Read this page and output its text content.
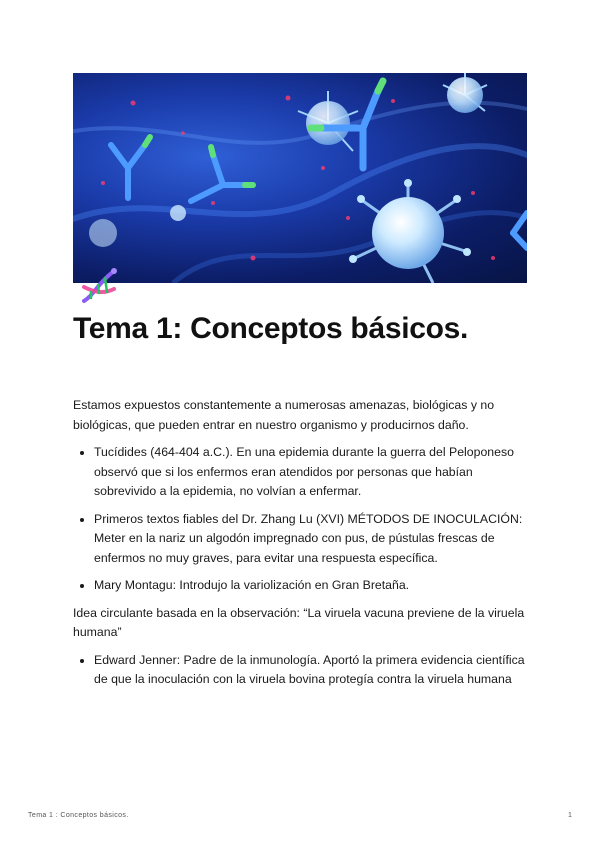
Tema 1: Conceptos básicos.

Estamos expuestos constantemente a numerosas amenazas, biológicas y no biológicas, que pueden entrar en nuestro organismo y producirnos daño.

• Tucídides (464-404 a.C.). En una epidemia durante la guerra del Peloponeso observó que si los enfermos eran atendidos por personas que habían sobrevivido a la epidemia, no volvían a enfermar.
• Primeros textos fiables del Dr. Zhang Lu (XVI) MÉTODOS DE INOCULACIÓN: Meter en la nariz un algodón impregnado con pus, de pústulas frescas de enfermos no muy graves, para evitar una respuesta específica.
• Mary Montagu: Introdujo la variolización en Gran Bretaña.

Idea circulante basada en la observación: “La viruela vacuna previene de la viruela humana”

• Edward Jenner: Padre de la inmunología. Aportó la primera evidencia científica de que la inoculación con la viruela bovina protegía contra la viruela humana
Tema 1 : Conceptos básicos.	1
